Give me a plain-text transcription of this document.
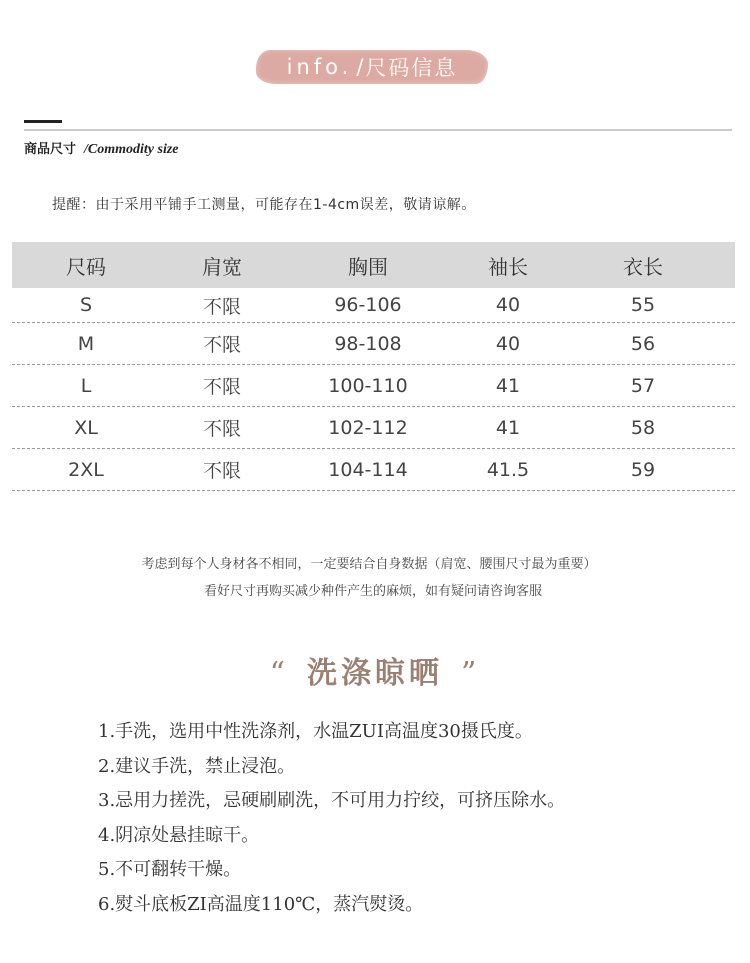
info. / 尺码信息
商品尺寸 /Commodity size
提醒：由于采用平铺手工测量，可能存在1-4cm误差，敬请谅解。
尺码	肩宽	胸围	袖长	衣长
S	不限	96-106	40	55
M	不限	98-108	40	56
L	不限	100-110	41	57
XL	不限	102-112	41	58
2XL	不限	104-114	41.5	59
考虑到每个人身材各不相同，一定要结合自身数据（肩宽、腰围尺寸最为重要）
看好尺寸再购买减少种件产生的麻烦，如有疑问请咨询客服
“ 洗涤晾晒 ”
1.手洗，选用中性洗涤剂，水温ZUI高温度30摄氏度。
2.建议手洗，禁止浸泡。
3.忌用力搓洗，忌硬刷刷洗，不可用力拧绞，可挤压除水。
4.阴凉处悬挂晾干。
5.不可翻转干燥。
6.熨斗底板ZI高温度110℃，蒸汽熨烫。
